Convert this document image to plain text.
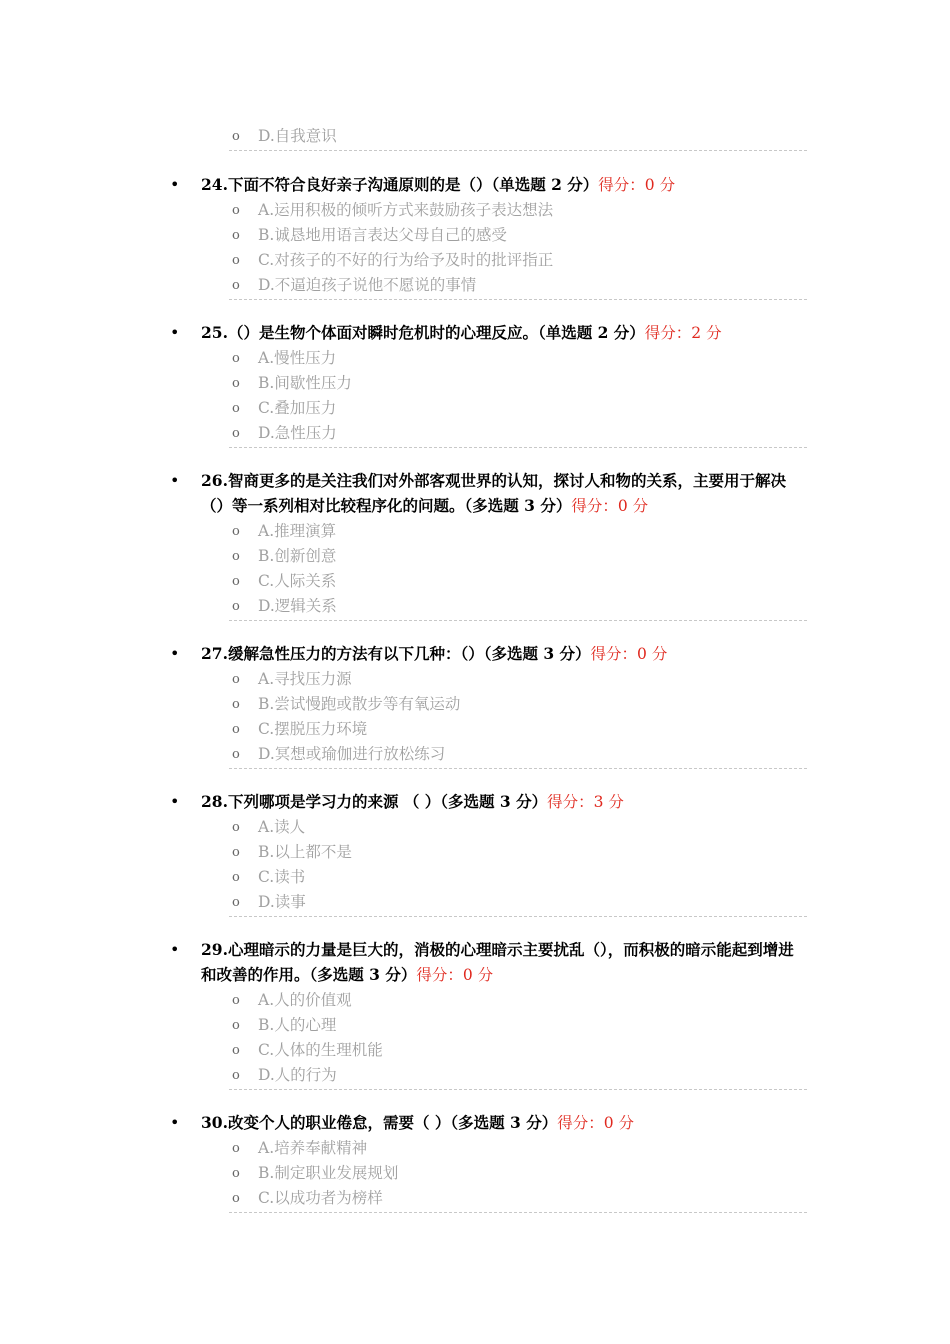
o D.自我意识
• 24.下面不符合良好亲子沟通原则的是（）（单选题 2 分）得分：0 分
o A.运用积极的倾听方式来鼓励孩子表达想法
o B.诚恳地用语言表达父母自己的感受
o C.对孩子的不好的行为给予及时的批评指正
o D.不逼迫孩子说他不愿说的事情
• 25.（）是生物个体面对瞬时危机时的心理反应。（单选题 2 分）得分：2 分
o A.慢性压力
o B.间歇性压力
o C.叠加压力
o D.急性压力
• 26.智商更多的是关注我们对外部客观世界的认知，探讨人和物的关系，主要用于解决（）等一系列相对比较程序化的问题。（多选题 3 分）得分：0 分
o A.推理演算
o B.创新创意
o C.人际关系
o D.逻辑关系
• 27.缓解急性压力的方法有以下几种：（）（多选题 3 分）得分：0 分
o A.寻找压力源
o B.尝试慢跑或散步等有氧运动
o C.摆脱压力环境
o D.冥想或瑜伽进行放松练习
• 28.下列哪项是学习力的来源 （ ）（多选题 3 分）得分：3 分
o A.读人
o B.以上都不是
o C.读书
o D.读事
• 29.心理暗示的力量是巨大的，消极的心理暗示主要扰乱（），而积极的暗示能起到增进和改善的作用。（多选题 3 分）得分：0 分
o A.人的价值观
o B.人的心理
o C.人体的生理机能
o D.人的行为
• 30.改变个人的职业倦怠，需要（ ）（多选题 3 分）得分：0 分
o A.培养奉献精神
o B.制定职业发展规划
o C.以成功者为榜样
